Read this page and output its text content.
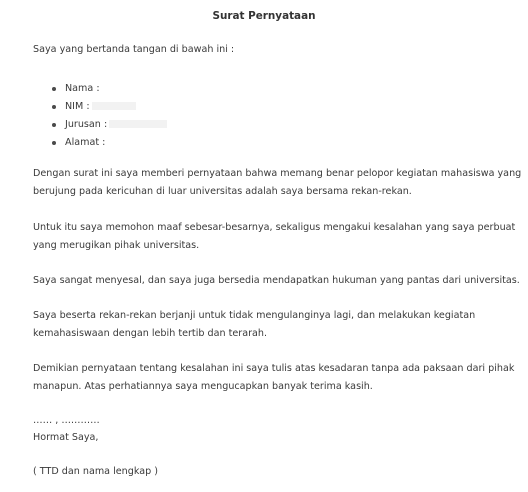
Surat Pernyataan
Saya yang bertanda tangan di bawah ini :
Nama :
NIM :
Jurusan :
Alamat :
Dengan surat ini saya memberi pernyataan bahwa memang benar pelopor kegiatan mahasiswa yang
berujung pada kericuhan di luar universitas adalah saya bersama rekan-rekan.
Untuk itu saya memohon maaf sebesar-besarnya, sekaligus mengakui kesalahan yang saya perbuat
yang merugikan pihak universitas.
Saya sangat menyesal, dan saya juga bersedia mendapatkan hukuman yang pantas dari universitas.
Saya beserta rekan-rekan berjanji untuk tidak mengulanginya lagi, dan melakukan kegiatan
kemahasiswaan dengan lebih tertib dan terarah.
Demikian pernyataan tentang kesalahan ini saya tulis atas kesadaran tanpa ada paksaan dari pihak
manapun. Atas perhatiannya saya mengucapkan banyak terima kasih.
…… , …………
Hormat Saya,
( TTD dan nama lengkap )
